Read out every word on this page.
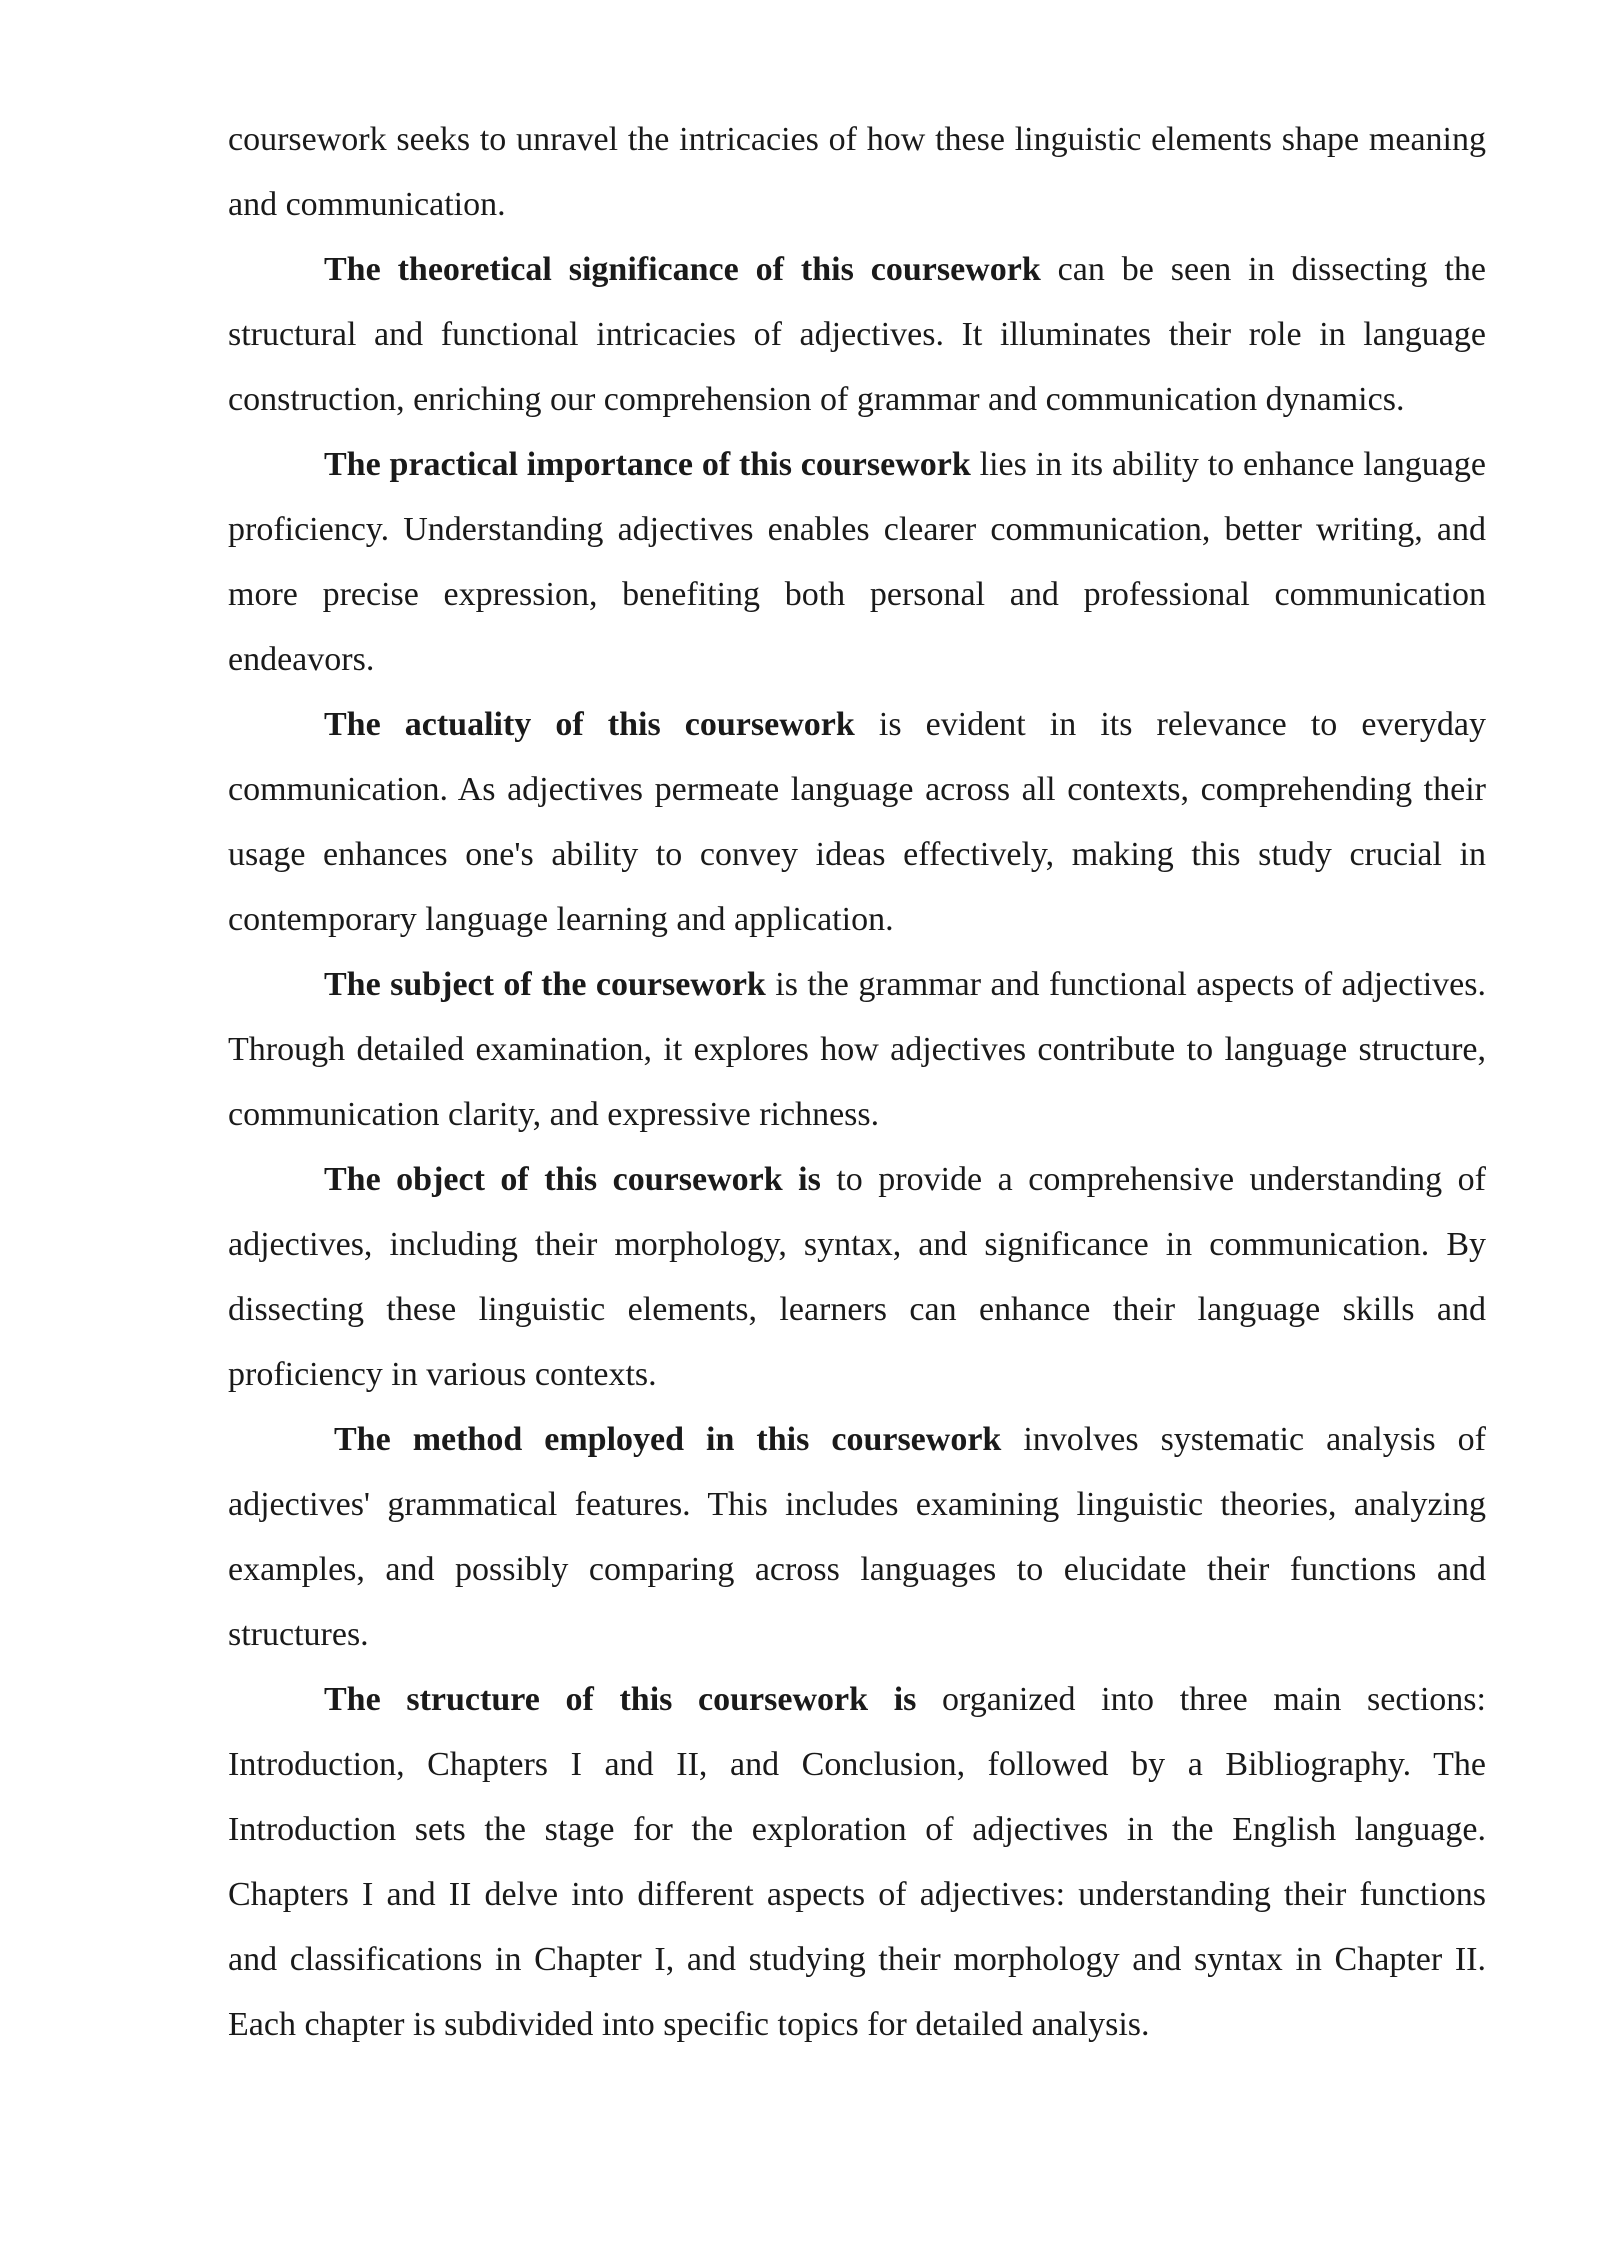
coursework seeks to unravel the intricacies of how these linguistic elements shape meaning and communication.

The theoretical significance of this coursework can be seen in dissecting the structural and functional intricacies of adjectives. It illuminates their role in language construction, enriching our comprehension of grammar and communication dynamics.

The practical importance of this coursework lies in its ability to enhance language proficiency. Understanding adjectives enables clearer communication, better writing, and more precise expression, benefiting both personal and professional communication endeavors.

The actuality of this coursework is evident in its relevance to everyday communication. As adjectives permeate language across all contexts, comprehending their usage enhances one's ability to convey ideas effectively, making this study crucial in contemporary language learning and application.

The subject of the coursework is the grammar and functional aspects of adjectives. Through detailed examination, it explores how adjectives contribute to language structure, communication clarity, and expressive richness.

The object of this coursework is to provide a comprehensive understanding of adjectives, including their morphology, syntax, and significance in communication. By dissecting these linguistic elements, learners can enhance their language skills and proficiency in various contexts.

The method employed in this coursework involves systematic analysis of adjectives' grammatical features. This includes examining linguistic theories, analyzing examples, and possibly comparing across languages to elucidate their functions and structures.

The structure of this coursework is organized into three main sections: Introduction, Chapters I and II, and Conclusion, followed by a Bibliography. The Introduction sets the stage for the exploration of adjectives in the English language. Chapters I and II delve into different aspects of adjectives: understanding their functions and classifications in Chapter I, and studying their morphology and syntax in Chapter II. Each chapter is subdivided into specific topics for detailed analysis.
